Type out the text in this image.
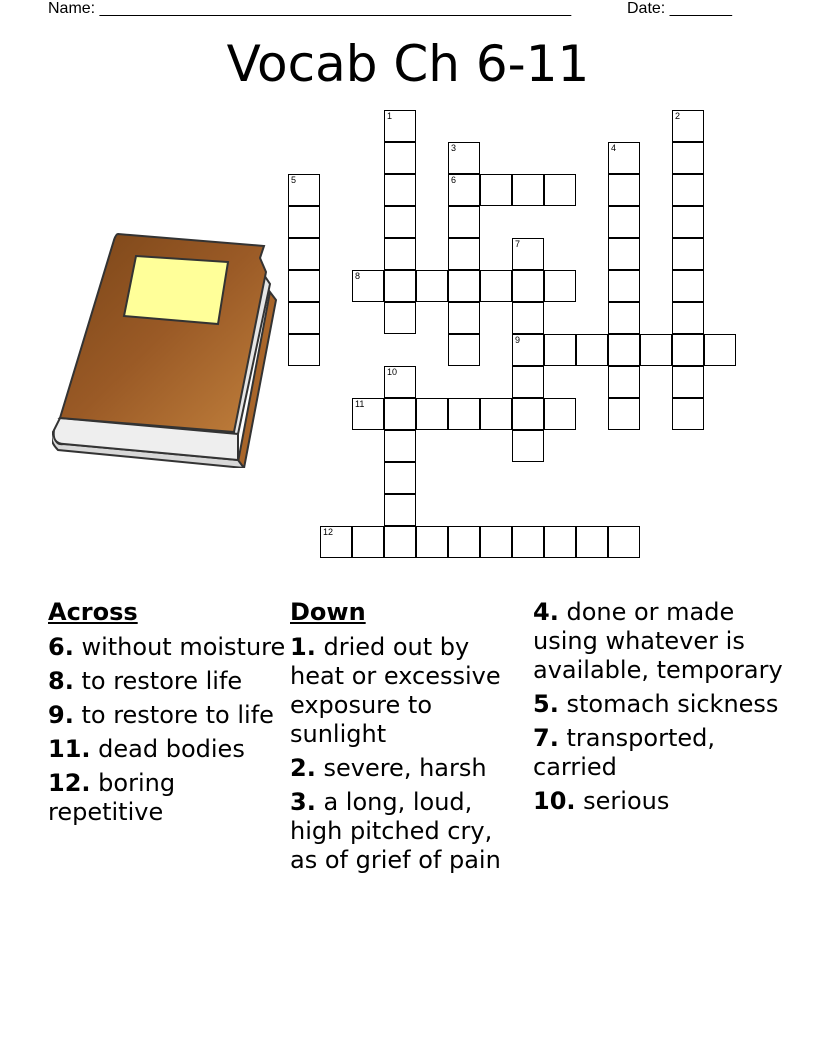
Name: _____________________________________________________	Date: _______
Vocab Ch 6-11
5
1
3
6
7
9
4
2
8
10
11
12
Across
6. without moisture
8. to restore life
9. to restore to life
11. dead bodies
12. boring repetitive
Down
1. dried out by heat or excessive exposure to sunlight
2. severe, harsh
3. a long, loud, high pitched cry, as of grief of pain
4. done or made using whatever is available, temporary
5. stomach sickness
7. transported, carried
10. serious
